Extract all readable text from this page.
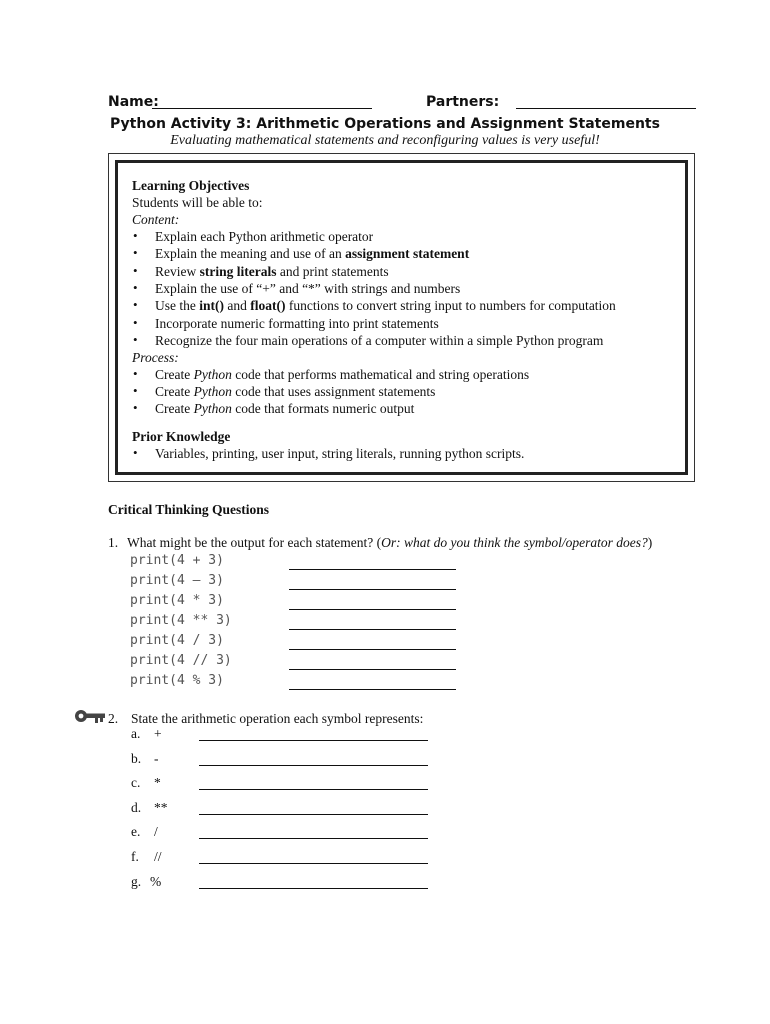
Name:	Partners:
Python Activity 3: Arithmetic Operations and Assignment Statements
Evaluating mathematical statements and reconfiguring values is very useful!
Learning Objectives
Students will be able to:
Content:
• Explain each Python arithmetic operator
• Explain the meaning and use of an assignment statement
• Review string literals and print statements
• Explain the use of “+” and “*” with strings and numbers
• Use the int() and float() functions to convert string input to numbers for computation
• Incorporate numeric formatting into print statements
• Recognize the four main operations of a computer within a simple Python program
Process:
• Create Python code that performs mathematical and string operations
• Create Python code that uses assignment statements
• Create Python code that formats numeric output
Prior Knowledge
• Variables, printing, user input, string literals, running python scripts.
Critical Thinking Questions
1. What might be the output for each statement? (Or: what do you think the symbol/operator does?)
print(4 + 3)
print(4 – 3)
print(4 * 3)
print(4 ** 3)
print(4 / 3)
print(4 // 3)
print(4 % 3)
2. State the arithmetic operation each symbol represents:
a. +
b. -
c. *
d. **
e. /
f. //
g. %
